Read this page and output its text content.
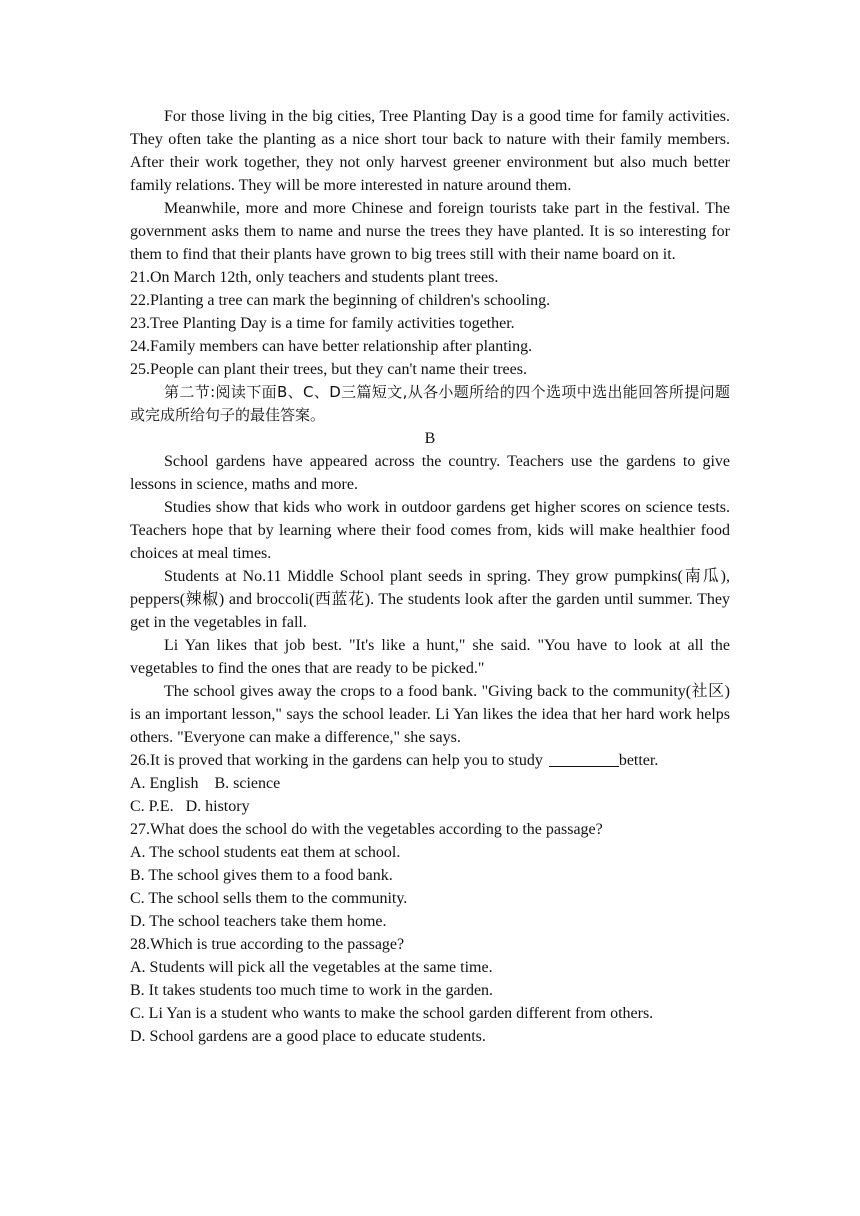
For those living in the big cities, Tree Planting Day is a good time for family activities. They often take the planting as a nice short tour back to nature with their family members. After their work together, they not only harvest greener environment but also much better family relations. They will be more interested in nature around them.

Meanwhile, more and more Chinese and foreign tourists take part in the festival. The government asks them to name and nurse the trees they have planted. It is so interesting for them to find that their plants have grown to big trees still with their name board on it.

21.On March 12th, only teachers and students plant trees.

22.Planting a tree can mark the beginning of children's schooling.

23.Tree Planting Day is a time for family activities together.

24.Family members can have better relationship after planting.

25.People can plant their trees, but they can't name their trees.

第二节:阅读下面B、C、D三篇短文,从各小题所给的四个选项中选出能回答所提问题或完成所给句子的最佳答案。

B

School gardens have appeared across the country. Teachers use the gardens to give lessons in science, maths and more.

Studies show that kids who work in outdoor gardens get higher scores on science tests. Teachers hope that by learning where their food comes from, kids will make healthier food choices at meal times.

Students at No.11 Middle School plant seeds in spring. They grow pumpkins(南瓜), peppers(辣椒) and broccoli(西蓝花). The students look after the garden until summer. They get in the vegetables in fall.

Li Yan likes that job best. "It's like a hunt," she said. "You have to look at all the vegetables to find the ones that are ready to be picked."

The school gives away the crops to a food bank. "Giving back to the community(社区) is an important lesson," says the school leader. Li Yan likes the idea that her hard work helps others. "Everyone can make a difference," she says.

26.It is proved that working in the gardens can help you to study	better.

A. English    B. science

C. P.E.   D. history

27.What does the school do with the vegetables according to the passage?

A. The school students eat them at school.

B. The school gives them to a food bank.

C. The school sells them to the community.

D. The school teachers take them home.

28.Which is true according to the passage?

A. Students will pick all the vegetables at the same time.

B. It takes students too much time to work in the garden.

C. Li Yan is a student who wants to make the school garden different from others.

D. School gardens are a good place to educate students.
